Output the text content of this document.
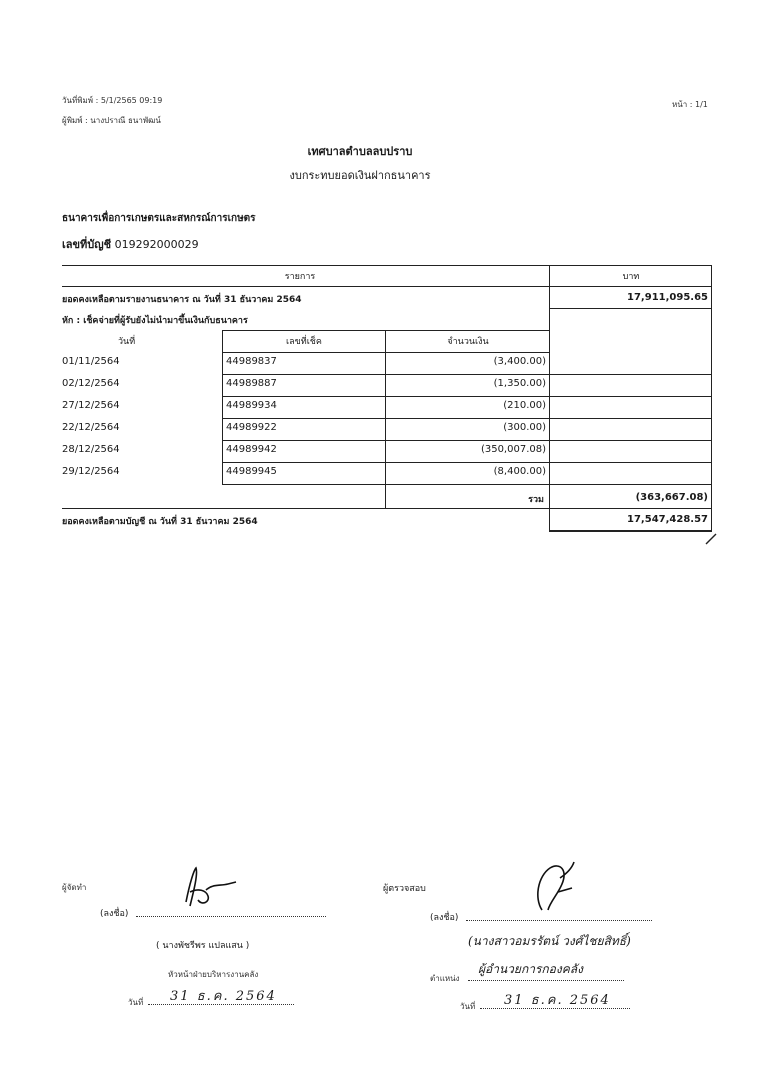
วันที่พิมพ์ : 5/1/2565 09:19
ผู้พิมพ์ : นางปราณี ธนาพัฒน์
หน้า : 1/1
เทศบาลตำบลลบปราบ
งบกระทบยอดเงินฝากธนาคาร
ธนาคารเพื่อการเกษตรและสหกรณ์การเกษตร
เลขที่บัญชี 019292000029
รายการ	บาท
ยอดคงเหลือตามรายงานธนาคาร ณ วันที่ 31 ธันวาคม 2564	17,911,095.65
หัก : เช็คจ่ายที่ผู้รับยังไม่นำมาขึ้นเงินกับธนาคาร
วันที่	เลขที่เช็ค	จำนวนเงิน
01/11/2564	44989837	(3,400.00)
02/12/2564	44989887	(1,350.00)
27/12/2564	44989934	(210.00)
22/12/2564	44989922	(300.00)
28/12/2564	44989942	(350,007.08)
29/12/2564	44989945	(8,400.00)
รวม	(363,667.08)
ยอดคงเหลือตามบัญชี ณ วันที่ 31 ธันวาคม 2564	17,547,428.57
ผู้จัดทำ
(ลงชื่อ)
( นางพัชรีพร แปลแสน )
หัวหน้าฝ่ายบริหารงานคลัง
วันที่ 31 ธ.ค. 2564
ผู้ตรวจสอบ
(ลงชื่อ)
(นางสาวอมรรัตน์ วงศ์ไชยสิทธิ์)
ตำแหน่ง
ผู้อำนวยการกองคลัง
วันที่ 31 ธ.ค. 2564
